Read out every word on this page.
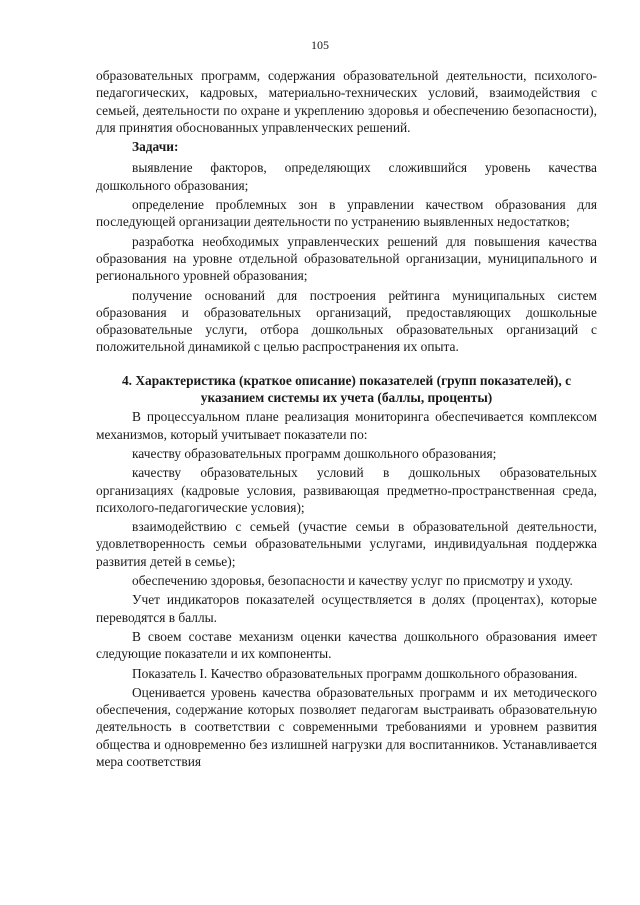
105

образовательных программ, содержания образовательной деятельности, психолого-педагогических, кадровых, материально-технических условий, взаимодействия с семьей, деятельности по охране и укреплению здоровья и обеспечению безопасности), для принятия обоснованных управленческих решений.

Задачи:

выявление факторов, определяющих сложившийся уровень качества дошкольного образования;

определение проблемных зон в управлении качеством образования для последующей организации деятельности по устранению выявленных недостатков;

разработка необходимых управленческих решений для повышения качества образования на уровне отдельной образовательной организации, муниципального и регионального уровней образования;

получение оснований для построения рейтинга муниципальных систем образования и образовательных организаций, предоставляющих дошкольные образовательные услуги, отбора дошкольных образовательных организаций с положительной динамикой с целью распространения их опыта.

4. Характеристика (краткое описание) показателей (групп показателей), с указанием системы их учета (баллы, проценты)

В процессуальном плане реализация мониторинга обеспечивается комплексом механизмов, который учитывает показатели по:

качеству образовательных программ дошкольного образования;

качеству образовательных условий в дошкольных образовательных организациях (кадровые условия, развивающая предметно-пространственная среда, психолого-педагогические условия);

взаимодействию с семьей (участие семьи в образовательной деятельности, удовлетворенность семьи образовательными услугами, индивидуальная поддержка развития детей в семье);

обеспечению здоровья, безопасности и качеству услуг по присмотру и уходу.

Учет индикаторов показателей осуществляется в долях (процентах), которые переводятся в баллы.

В своем составе механизм оценки качества дошкольного образования имеет следующие показатели и их компоненты.

Показатель I. Качество образовательных программ дошкольного образования.

Оценивается уровень качества образовательных программ и их методического обеспечения, содержание которых позволяет педагогам выстраивать образовательную деятельность в соответствии с современными требованиями и уровнем развития общества и одновременно без излишней нагрузки для воспитанников. Устанавливается мера соответствия
